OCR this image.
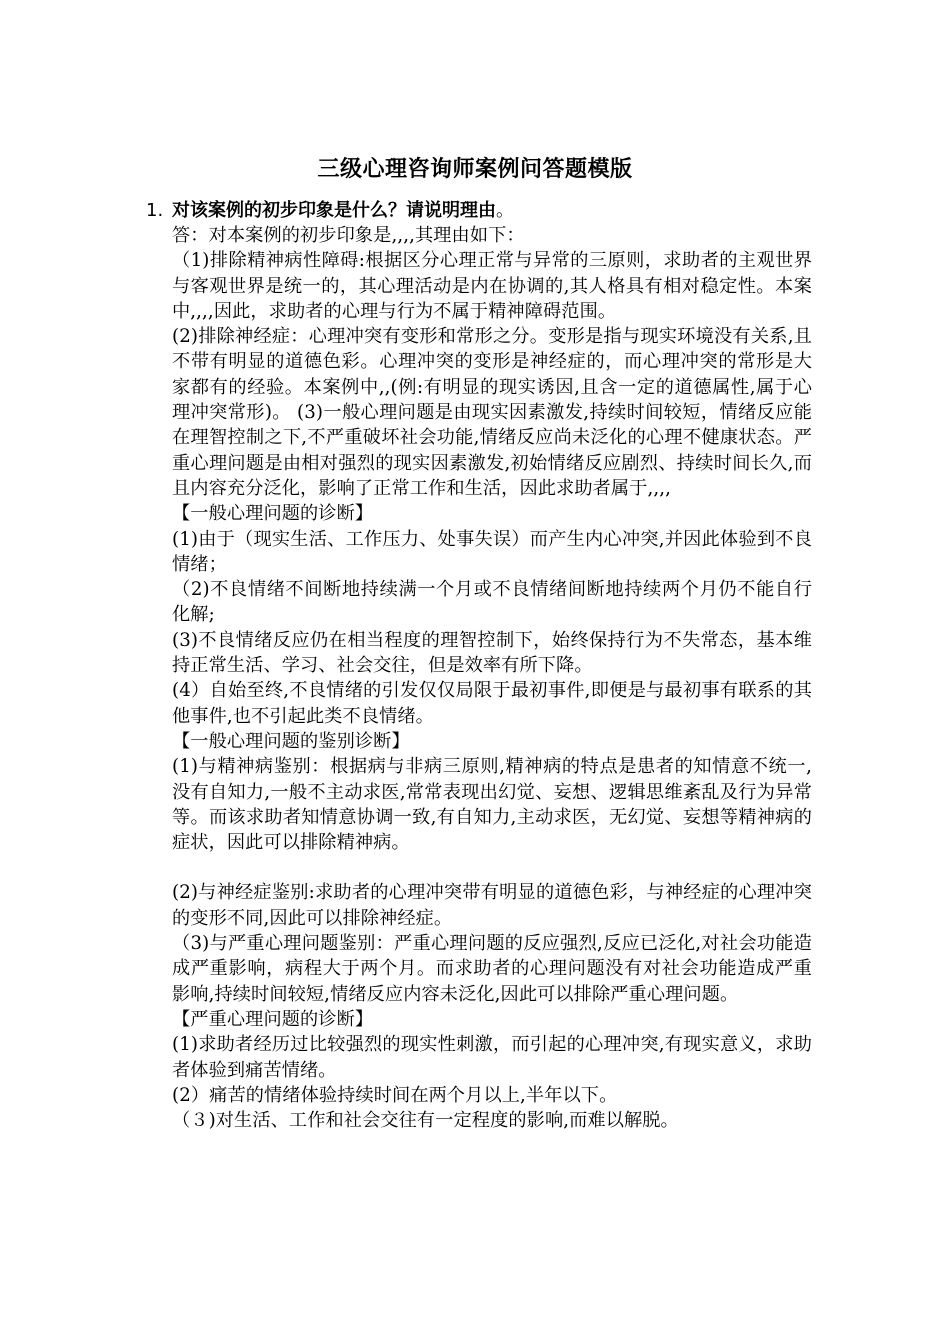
三级心理咨询师案例问答题模版
1. 对该案例的初步印象是什么？请说明理由。

答：对本案例的初步印象是,,,,其理由如下：

（1)排除精神病性障碍:根据区分心理正常与异常的三原则，求助者的主观世界与客观世界是统一的，其心理活动是内在协调的,其人格具有相对稳定性。本案中,,,,因此，求助者的心理与行为不属于精神障碍范围。

(2)排除神经症：心理冲突有变形和常形之分。变形是指与现实环境没有关系,且不带有明显的道德色彩。心理冲突的变形是神经症的，而心理冲突的常形是大家都有的经验。本案例中,,(例:有明显的现实诱因,且含一定的道德属性,属于心理冲突常形)。 (3)一般心理问题是由现实因素激发,持续时间较短，情绪反应能在理智控制之下,不严重破坏社会功能,情绪反应尚未泛化的心理不健康状态。严重心理问题是由相对强烈的现实因素激发,初始情绪反应剧烈、持续时间长久,而且内容充分泛化，影响了正常工作和生活，因此求助者属于,,,,

【一般心理问题的诊断】

(1)由于（现实生活、工作压力、处事失误）而产生内心冲突,并因此体验到不良情绪；

（2)不良情绪不间断地持续满一个月或不良情绪间断地持续两个月仍不能自行化解;

(3)不良情绪反应仍在相当程度的理智控制下，始终保持行为不失常态，基本维持正常生活、学习、社会交往，但是效率有所下降。

(4）自始至终,不良情绪的引发仅仅局限于最初事件,即便是与最初事有联系的其他事件,也不引起此类不良情绪。

【一般心理问题的鉴别诊断】

(1)与精神病鉴别：根据病与非病三原则,精神病的特点是患者的知情意不统一,没有自知力,一般不主动求医,常常表现出幻觉、妄想、逻辑思维紊乱及行为异常等。而该求助者知情意协调一致,有自知力,主动求医，无幻觉、妄想等精神病的症状，因此可以排除精神病。

(2)与神经症鉴别:求助者的心理冲突带有明显的道德色彩，与神经症的心理冲突的变形不同,因此可以排除神经症。

（3)与严重心理问题鉴别：严重心理问题的反应强烈,反应已泛化,对社会功能造成严重影响，病程大于两个月。而求助者的心理问题没有对社会功能造成严重影响,持续时间较短,情绪反应内容未泛化,因此可以排除严重心理问题。

【严重心理问题的诊断】

(1)求助者经历过比较强烈的现实性刺激，而引起的心理冲突,有现实意义，求助者体验到痛苦情绪。

(2）痛苦的情绪体验持续时间在两个月以上,半年以下。

（３)对生活、工作和社会交往有一定程度的影响,而难以解脱。
